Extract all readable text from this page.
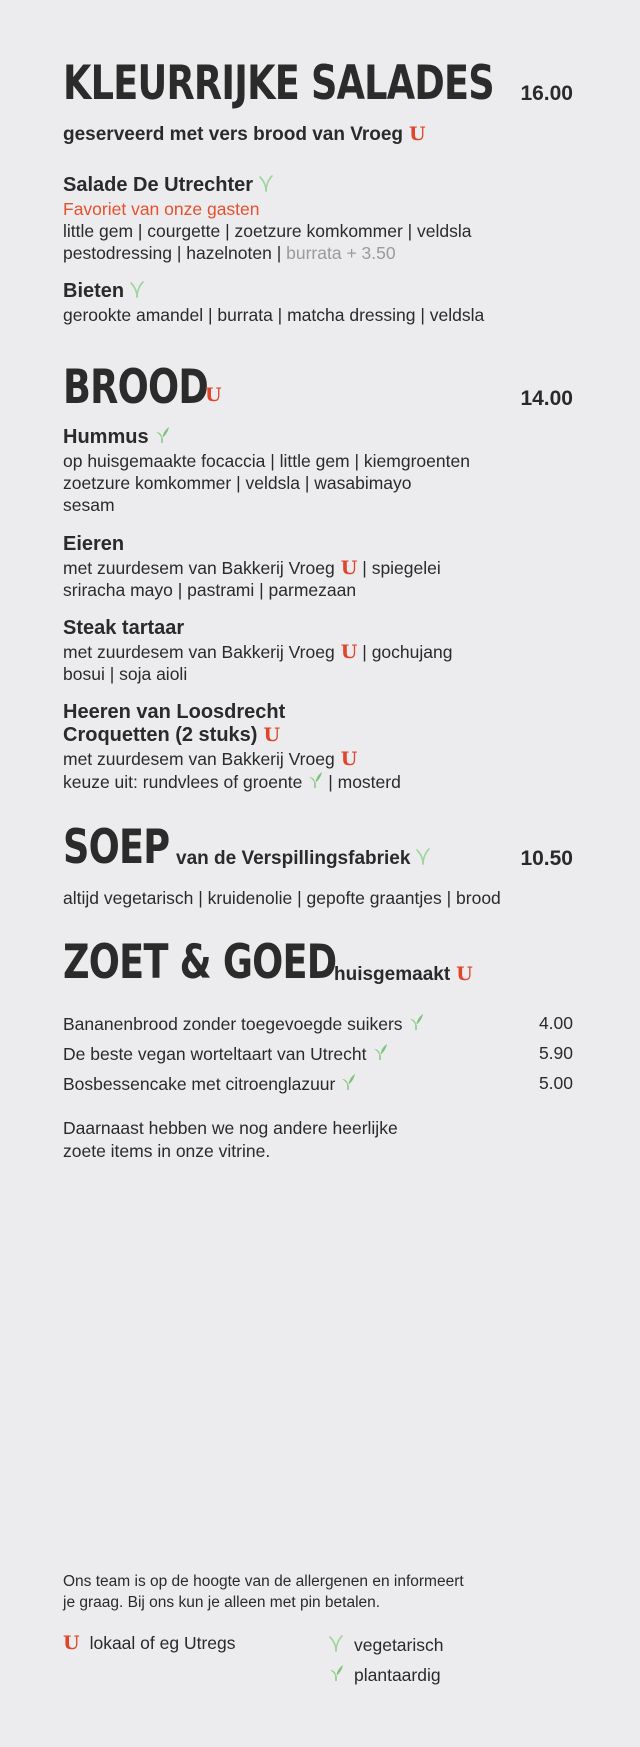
KLEURRIJKE SALADES 16.00
geserveerd met vers brood van Vroeg U
Salade De Utrechter
Favoriet van onze gasten
little gem | courgette | zoetzure komkommer | veldsla
pestodressing | hazelnoten | burrata + 3.50
Bieten
gerookte amandel | burrata | matcha dressing | veldsla
BROOD
U	14.00
Hummus
op huisgemaakte focaccia | little gem | kiemgroenten
zoetzure komkommer | veldsla | wasabimayo
sesam
Eieren
met zuurdesem van Bakkerij Vroeg U | spiegelei
sriracha mayo | pastrami | parmezaan
Steak tartaar
met zuurdesem van Bakkerij Vroeg U | gochujang
bosui | soja aioli
Heeren van Loosdrecht
Croquetten (2 stuks) U
met zuurdesem van Bakkerij Vroeg U
keuze uit: rundvlees of groente | mosterd
SOEP van de Verspillingsfabriek	10.50
altijd vegetarisch | kruidenolie | gepofte graantjes | brood
ZOET & GOED
huisgemaakt U
Bananenbrood zonder toegevoegde suikers	4.00
De beste vegan worteltaart van Utrecht	5.90
Bosbessencake met citroenglazuur	5.00
Daarnaast hebben we nog andere heerlijke
zoete items in onze vitrine.
Ons team is op de hoogte van de allergenen en informeert
je graag. Bij ons kun je alleen met pin betalen.
U lokaal of eg Utregs	vegetarisch
plantaardig
